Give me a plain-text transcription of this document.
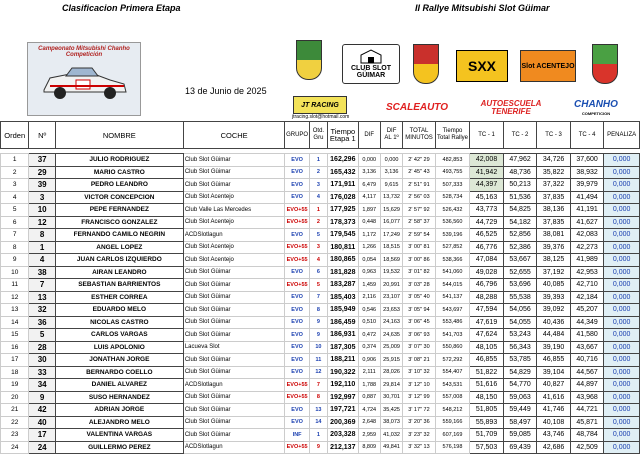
Clasificacion Primera Etapa	II Rallye Mitsubishi Slot Güimar
Campeonato Mitsubishi Chanho Competición
CLUB SLOT GÜIMAR
SXX	Slot ACENTEJO
13 de Junio de 2025
JT RACING
jtracing.slot@hotmail.com
SCALEAUTO	AUTOESCUELA
TENERIFE
CHANHO
COMPETICION
Orden	Nº	NOMBRE	COCHE	GRUPO	Otd. Gru	Tiempo Etapa 1	DIF	DIF
AL 1º	TOTAL
MINUTOS	Tiempo Total Rallye	TC - 1	TC - 2	TC - 3	TC - 4	PENALIZA

1	37	JULIO RODRIGUEZ	Club Slot Güimar	EVO	1	162,296	0,000	0,000	2' 42" 29	482,853	42,008	47,962	34,726	37,600	0,000
2	29	MARIO CASTRO	Club Slot Güimar	EVO	2	165,432	3,136	3,136	2' 45" 43	493,755	41,942	48,736	35,822	38,932	0,000
3	39	PEDRO LEANDRO	Club Slot Güimar	EVO	3	171,911	6,479	9,615	2' 51" 91	507,333	44,397	50,213	37,322	39,979	0,000
4	3	VICTOR CONCEPCION	Club Slot Acentejo	EVO	4	176,028	4,117	13,732	2' 56" 03	528,734	45,163	51,536	37,835	41,494	0,000
5	10	PEPE FERNANDEZ	Club Valle Las Mercedes	EVO+55	1	177,925	1,897	15,629	2' 57" 92	526,432	43,773	54,825	38,136	41,191	0,000
6	12	FRANCISCO GONZALEZ	Club Slot Acentejo	EVO+55	2	178,373	0,448	16,077	2' 58" 37	536,560	44,729	54,182	37,835	41,627	0,000
7	8	FERNANDO CAMILO NEGRIN	ACDSlotlagun	EVO	5	179,545	1,172	17,249	2' 59" 54	539,196	46,525	52,856	38,081	42,083	0,000
8	1	ANGEL LOPEZ	Club Slot Acentejo	EVO+55	3	180,811	1,266	18,515	3' 00" 81	527,852	46,776	52,386	39,376	42,273	0,000
9	4	JUAN CARLOS IZQUIERDO	Club Slot Acentejo	EVO+55	4	180,865	0,054	18,569	3' 00" 86	538,366	47,084	53,667	38,125	41,989	0,000
10	38	AIRAN LEANDRO	Club Slot Güimar	EVO	6	181,828	0,963	19,532	3' 01" 82	541,060	49,028	52,655	37,192	42,953	0,000
11	7	SEBASTIAN BARRIENTOS	Club Slot Güimar	EVO+55	5	183,287	1,459	20,991	3' 03" 28	544,015	46,796	53,696	40,085	42,710	0,000
12	13	ESTHER CORREA	Club Slot Güimar	EVO	7	185,403	2,116	23,107	3' 05" 40	541,137	48,288	55,538	39,393	42,184	0,000
13	32	EDUARDO MELO	Club Slot Güimar	EVO	8	185,949	0,546	23,653	3' 05" 94	543,697	47,594	54,056	39,092	45,207	0,000
14	36	NICOLAS CASTRO	Club Slot Güimar	EVO	9	186,459	0,510	24,163	3' 06" 45	553,486	47,619	54,055	40,436	44,349	0,000
15	5	CARLOS VARGAS	Club Slot Güimar	EVO	9	186,931	0,472	24,635	3' 06" 93	541,703	47,624	53,243	44,484	41,580	0,000
16	28	LUIS APOLONIO	Lacueva Slot	EVO	10	187,305	0,374	25,009	3' 07" 30	550,860	48,105	56,343	39,190	43,667	0,000
17	30	JONATHAN JORGE	Club Slot Güimar	EVO	11	188,211	0,906	25,915	3' 08" 21	572,292	46,855	53,785	46,855	40,716	0,000
18	33	BERNARDO COELLO	Club Slot Güimar	EVO	12	190,322	2,111	28,026	3' 10" 32	554,407	51,822	54,829	39,104	44,567	0,000
19	34	DANIEL ALVAREZ	ACDSlotlagun	EVO+55	7	192,110	1,788	29,814	3' 12" 10	543,531	51,616	54,770	40,827	44,897	0,000
20	9	SUSO HERNANDEZ	Club Slot Güimar	EVO+55	8	192,997	0,887	30,701	3' 12" 99	557,008	48,150	59,063	41,616	43,968	0,000
21	42	ADRIAN JORGE	Club Slot Güimar	EVO	13	197,721	4,724	35,425	3' 17" 72	548,212	51,805	59,449	41,746	44,721	0,000
22	40	ALEJANDRO MELO	Club Slot Güimar	EVO	14	200,369	2,648	38,073	3' 20" 36	559,166	55,893	58,497	40,108	45,871	0,000
23	17	VALENTINA VARGAS	Club Slot Güimar	INF	1	203,328	2,959	41,032	3' 23" 32	607,169	51,709	59,085	43,746	48,784	0,000
24	24	GUILLERMO PEREZ	ACDSlotlagun	EVO+55	9	212,137	8,809	49,841	3' 32" 13	576,198	57,503	69,439	42,686	42,509	0,000
